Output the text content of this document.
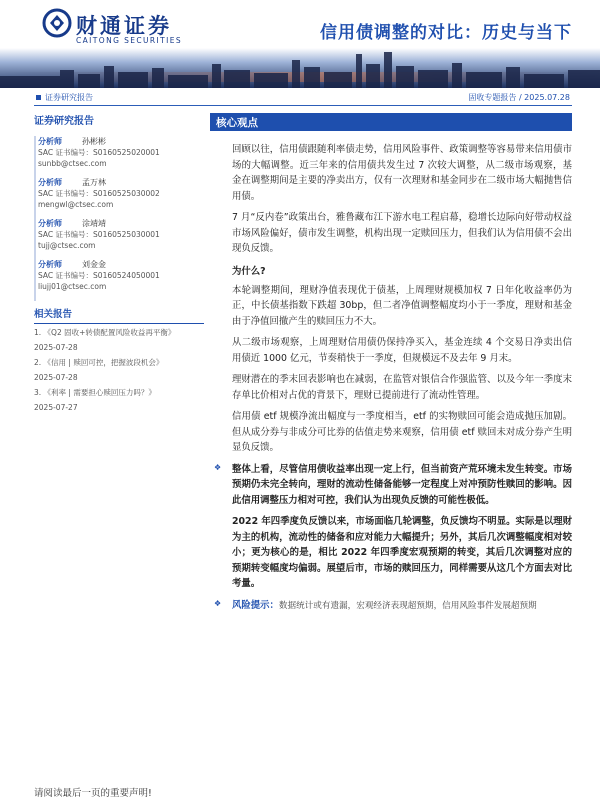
财通证券
CAITONG SECURITIES	信用债调整的对比：历史与当下
证券研究报告	固收专题报告 / 2025.07.28
证券研究报告
分析师	孙彬彬
SAC 证书编号：S0160525020001
sunbb@ctsec.com
分析师	孟万林
SAC 证书编号：S0160525030002
mengwl@ctsec.com
分析师	涂靖靖
SAC 证书编号：S0160525030001
tujj@ctsec.com
分析师	刘金金
SAC 证书编号：S0160524050001
liujj01@ctsec.com
相关报告
1. 《Q2 固收+转债配置风险收益再平衡》
2025-07-28
2. 《信用 | 赎回可控，把握波段机会》
2025-07-28
3. 《利率 | 需要担心赎回压力吗？》
2025-07-27
核心观点

回顾以往，信用债跟随利率债走势，信用风险事件、政策调整等容易带来信用债市场的大幅调整。近三年来的信用债共发生过 7 次较大调整，从二级市场观察，基金在调整期间是主要的净卖出方，仅有一次理财和基金同步在二级市场大幅抛售信用债。

7 月“反内卷”政策出台，雅鲁藏布江下游水电工程启幕，稳增长边际向好带动权益市场风险偏好，债市发生调整，机构出现一定赎回压力，但我们认为信用债不会出现负反馈。

为什么?

本轮调整期间，理财净值表现优于债基，上周理财规模加权 7 日年化收益率仍为正，中长债基指数下跌超 30bp，但二者净值调整幅度均小于一季度，理财和基金由于净值回撤产生的赎回压力不大。

从二级市场观察，上周理财信用债仍保持净买入，基金连续 4 个交易日净卖出信用债近 1000 亿元，节奏稍快于一季度，但规模远不及去年 9 月末。

理财潜在的季末回表影响也在减弱，在监管对银信合作强监管、以及今年一季度末存单比价相对占优的背景下，理财已提前进行了流动性管理。

信用债 etf 规模净流出幅度与一季度相当，etf 的实物赎回可能会造成抛压加剧。但从成分券与非成分可比券的估值走势来观察，信用债 etf 赎回未对成分券产生明显负反馈。

❖ 整体上看，尽管信用债收益率出现一定上行，但当前资产荒环境未发生转变。市场预期仍未完全转向，理财的流动性储备能够一定程度上对冲预防性赎回的影响。因此信用调整压力相对可控，我们认为出现负反馈的可能性极低。

2022 年四季度负反馈以来，市场面临几轮调整，负反馈均不明显。实际是以理财为主的机构，流动性的储备和应对能力大幅提升；另外，其后几次调整幅度相对较小；更为核心的是，相比 2022 年四季度宏观预期的转变，其后几次调整对应的预期转变幅度均偏弱。展望后市，市场的赎回压力，同样需要从这几个方面去对比考量。

❖ 风险提示：数据统计或有遗漏，宏观经济表现超预期，信用风险事件发展超预期

请阅读最后一页的重要声明!
